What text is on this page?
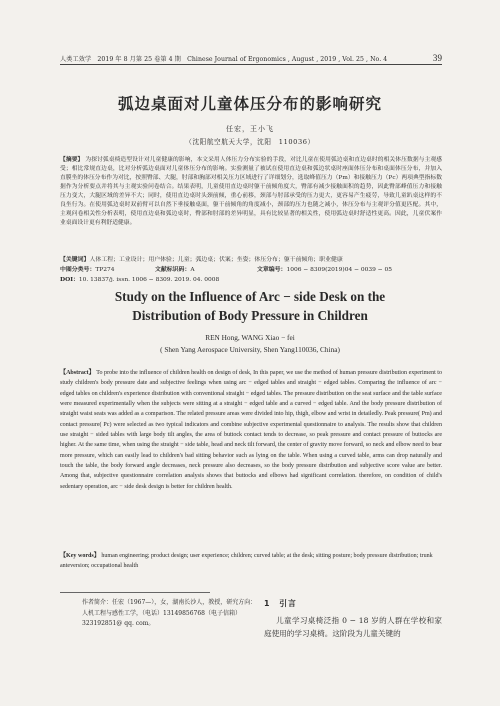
人类工效学　2019 年 8 月第 25 卷第 4 期　Chinese Journal of Ergonomics , August , 2019 , Vol. 25 , No. 4	39
弧边桌面对儿童体压分布的影响研究
任宏，王小飞
（沈阳航空航天大学，沈阳　110036）
【摘要】 为探讨弧桌椅造型设计对儿童健康的影响，本文采用人体压力分布实验的手段，对比儿童在使用弧边桌和直边桌时的相关体压数据与主观感受；相比常规直边桌，比对分析弧边桌面对儿童体压分布的影响。实验测量了被试在使用直边桌和弧边状桌时座面体压分布和桌面体压分布，并加入直膜坐的体压分布作为对比，按照臀部、大腿，肘部和胸部对相关压力区域进行了详细划分，选取峰值压力（Pm）和接触压力（Pc）两项典型指标数据作为分析要点并将其与主观实验问卷结合。结果表明，儿童使用直边桌时躯干前倾角度大，臀部有减少接触面积的趋势，因此臀部峰值压力和接触压力变大，大腿区域的差异不大；同时，使用直边桌时头颈前倾，重心前移，颈部与肘部承受的压力更大，更容易产生疲劳，导致儿童趴桌这样的不良坐行为。在使用弧边桌时双前臂可以自然下垂接触桌面，躯干前倾角的角度减小，颈部的压力也随之减小，体压分布与主观评分值更匹配。其中，主观问卷相关性分析表明，使用直边桌和弧边桌时，臀部和肘部的差异明显，具有比较显著的相关性，使用弧边桌时舒适性更高。因此，儿童伏案作业桌面设计更有利舒适健康。
【关键词】人体工程；工业设计；用户体验；儿童；弧边桌；伏案；坐姿；体压分布；躯干前倾角；职业健康
中图分类号：TP274	文献标识码：A	文章编号：1006 − 8309(2019)04 − 0039 − 05
DOI：10. 13837/j. issn. 1006 − 8309. 2019. 04. 0008
Study on the Influence of Arc − side Desk on the
Distribution of Body Pressure in Children
REN Hong, WANG Xiao − fei
( Shen Yang Aerospace University, Shen Yang110036, China)
【Abstract】 To probe into the influence of children health on design of desk, In this paper, we use the method of human pressure distribution experiment to study children's body pressure date and subjective feelings when using arc − edged tables and straight − edged tables. Comparing the influence of arc − edged tables on children's experience distribution with conventional straight − edged tables. The pressure distribution on the seat surface and the table surface were measured experimentally when the subjects were sitting at a straight − edged table and a curved − edged table. And the body pressure distribution of straight waist seats was added as a comparison. The related pressure areas were divided into hip, thigh, elbow and wrist in detailedly. Peak pressure( Pm) and contact pressure( Pc) were selected as two typical indicators and combine subjective experimental questionnaire to analysis. The results show that children use straight − sided tables with large body tilt angles, the area of buttock contact tends to decrease, so peak pressure and contact pressure of buttocks are higher. At the same time, when using the straight − side table, head and neck tilt forward, the center of gravity move forward, so neck and elbow need to bear more pressure, which can easily lead to children's bad sitting behavior such as lying on the table. When using a curved table, arms can drop naturally and touch the table, the body forward angle decreases, neck pressure also decreases, so the body pressure distribution and subjective score value are better. Among that, subjective questionnaire correlation analysis shows that buttocks and elbows had significant correlation. therefore, on condition of child's sedentary operation, arc − side desk design is better for children health.
【Key words】 human engineering; product design; user experience; children; curved table; at the desk; sitting posture; body pressure distribution; trunk anteversion; occupational health
作者简介：任宏（1967—），女，湖南长沙人，教授，研究方向：人机工程与感性工学，（电话）13149856768（电子信箱）323192851@ qq. com。
1　 引言
儿童学习桌椅泛指 0 − 18 岁的人群在学校和家庭使用的学习桌椅。这阶段为儿童关键的
